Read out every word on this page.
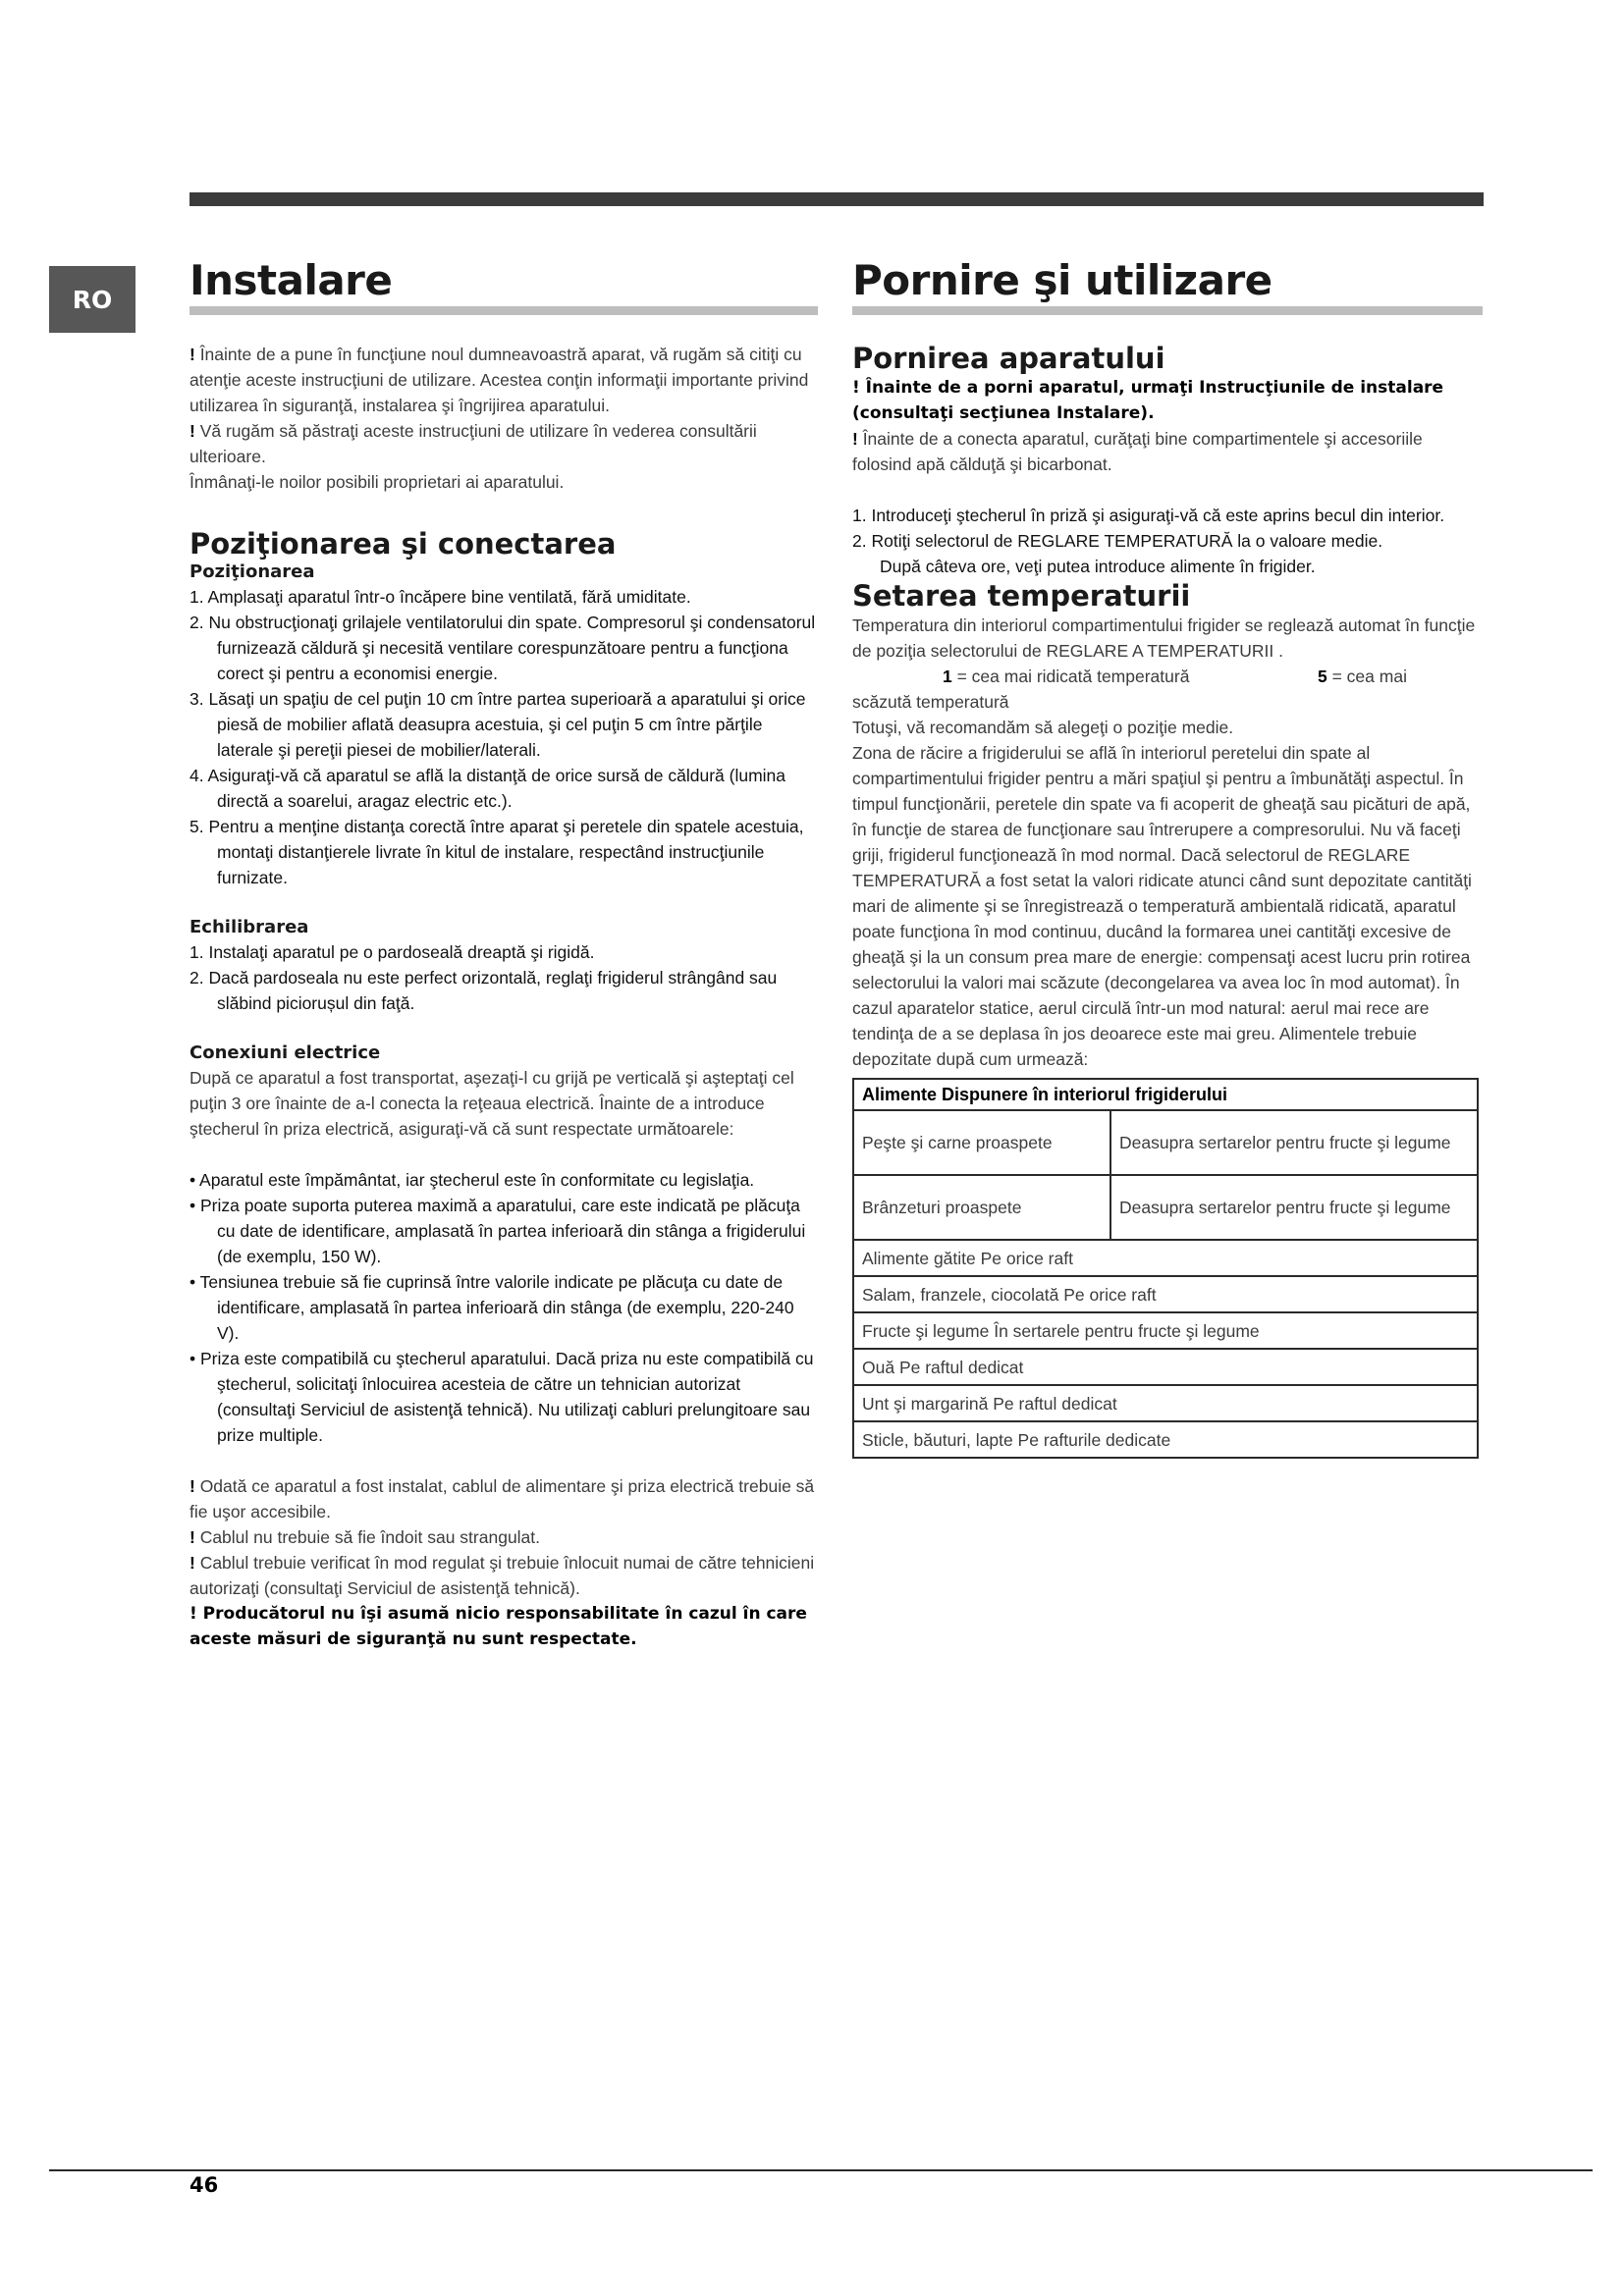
RO	Instalare

! Înainte de a pune în funcţiune noul dumneavoastră aparat, vă rugăm să citiţi cu atenţie aceste instrucţiuni de utilizare. Acestea conţin informaţii importante privind utilizarea în siguranţă, instalarea şi îngrijirea aparatului.

! Vă rugăm să păstraţi aceste instrucţiuni de utilizare în vederea consultării ulterioare.

Înmânaţi-le noilor posibili proprietari ai aparatului.

Poziţionarea şi conectarea
Poziţionarea
1. Amplasaţi aparatul într-o încăpere bine ventilată, fără umiditate.
2. Nu obstrucţionaţi grilajele ventilatorului din spate. Compresorul şi condensatorul furnizează căldură şi necesită ventilare corespunzătoare pentru a funcţiona corect şi pentru a economisi energie.
3. Lăsaţi un spaţiu de cel puţin 10 cm între partea superioară a aparatului şi orice piesă de mobilier aflată deasupra acestuia, şi cel puţin 5 cm între părţile laterale şi pereţii piesei de mobilier/laterali.
4. Asiguraţi-vă că aparatul se află la distanţă de orice sursă de căldură (lumina directă a soarelui, aragaz electric etc.).
5. Pentru a menţine distanţa corectă între aparat şi peretele din spatele acestuia, montaţi distanţierele livrate în kitul de instalare, respectând instrucţiunile furnizate.
Echilibrarea
1. Instalaţi aparatul pe o pardoseală dreaptă şi rigidă.
2. Dacă pardoseala nu este perfect orizontală, reglaţi frigiderul strângând sau slăbind piciorușul din faţă.
Conexiuni electrice

După ce aparatul a fost transportat, aşezaţi-l cu grijă pe verticală şi aşteptaţi cel puţin 3 ore înainte de a-l conecta la reţeaua electrică. Înainte de a introduce ştecherul în priza electrică, asiguraţi-vă că sunt respectate următoarele:

• Aparatul este împământat, iar ştecherul este în conformitate cu legislaţia.
• Priza poate suporta puterea maximă a aparatului, care este indicată pe plăcuţa cu date de identificare, amplasată în partea inferioară din stânga a frigiderului (de exemplu, 150 W).
• Tensiunea trebuie să fie cuprinsă între valorile indicate pe plăcuţa cu date de identificare, amplasată în partea inferioară din stânga (de exemplu, 220-240 V).
• Priza este compatibilă cu ştecherul aparatului. Dacă priza nu este compatibilă cu ştecherul, solicitaţi înlocuirea acesteia de către un tehnician autorizat (consultaţi Serviciul de asistenţă tehnică). Nu utilizaţi cabluri prelungitoare sau prize multiple.

! Odată ce aparatul a fost instalat, cablul de alimentare şi priza electrică trebuie să fie uşor accesibile.

! Cablul nu trebuie să fie îndoit sau strangulat.

! Cablul trebuie verificat în mod regulat şi trebuie înlocuit numai de către tehnicieni autorizaţi (consultaţi Serviciul de asistenţă tehnică).

! Producătorul nu îşi asumă nicio responsabilitate în cazul în care aceste măsuri de siguranţă nu sunt respectate.

Pornire şi utilizare
Pornirea aparatului

! Înainte de a porni aparatul, urmaţi Instrucţiunile de instalare (consultaţi secţiunea Instalare).

! Înainte de a conecta aparatul, curăţaţi bine compartimentele şi accesoriile folosind apă călduţă şi bicarbonat.

1. Introduceţi ştecherul în priză şi asiguraţi-vă că este aprins becul din interior.
2. Rotiţi selectorul de REGLARE TEMPERATURĂ la o valoare medie.

După câteva ore, veţi putea introduce alimente în frigider.

Setarea temperaturii

Temperatura din interiorul compartimentului frigider se reglează automat în funcţie de poziţia selectorului de REGLARE A TEMPERATURII .

1 = cea mai ridicată temperatură	5 = cea mai

scăzută temperatură

Totuşi, vă recomandăm să alegeţi o poziţie medie.

Zona de răcire a frigiderului se află în interiorul peretelui din spate al compartimentului frigider pentru a mări spaţiul şi pentru a îmbunătăţi aspectul. În timpul funcţionării, peretele din spate va fi acoperit de gheaţă sau picături de apă, în funcţie de starea de funcţionare sau întrerupere a compresorului. Nu vă faceţi griji, frigiderul funcţionează în mod normal. Dacă selectorul de REGLARE TEMPERATURĂ a fost setat la valori ridicate atunci când sunt depozitate cantităţi mari de alimente şi se înregistrează o temperatură ambientală ridicată, aparatul poate funcţiona în mod continuu, ducând la formarea unei cantităţi excesive de gheaţă şi la un consum prea mare de energie: compensaţi acest lucru prin rotirea selectorului la valori mai scăzute (decongelarea va avea loc în mod automat). În cazul aparatelor statice, aerul circulă într-un mod natural: aerul mai rece are tendinţa de a se deplasa în jos deoarece este mai greu. Alimentele trebuie depozitate după cum urmează:

Alimente Dispunere în interiorul frigiderului	
Peşte şi carne proaspete	Deasupra sertarelor pentru fructe şi legume
Brânzeturi proaspete	Deasupra sertarelor pentru fructe şi legume
Alimente gătite Pe orice raft	
Salam, franzele, ciocolată Pe orice raft	
Fructe şi legume În sertarele pentru fructe şi legume	
Ouă Pe raftul dedicat	
Unt şi margarină Pe raftul dedicat	
Sticle, băuturi, lapte Pe rafturile dedicate	
46
